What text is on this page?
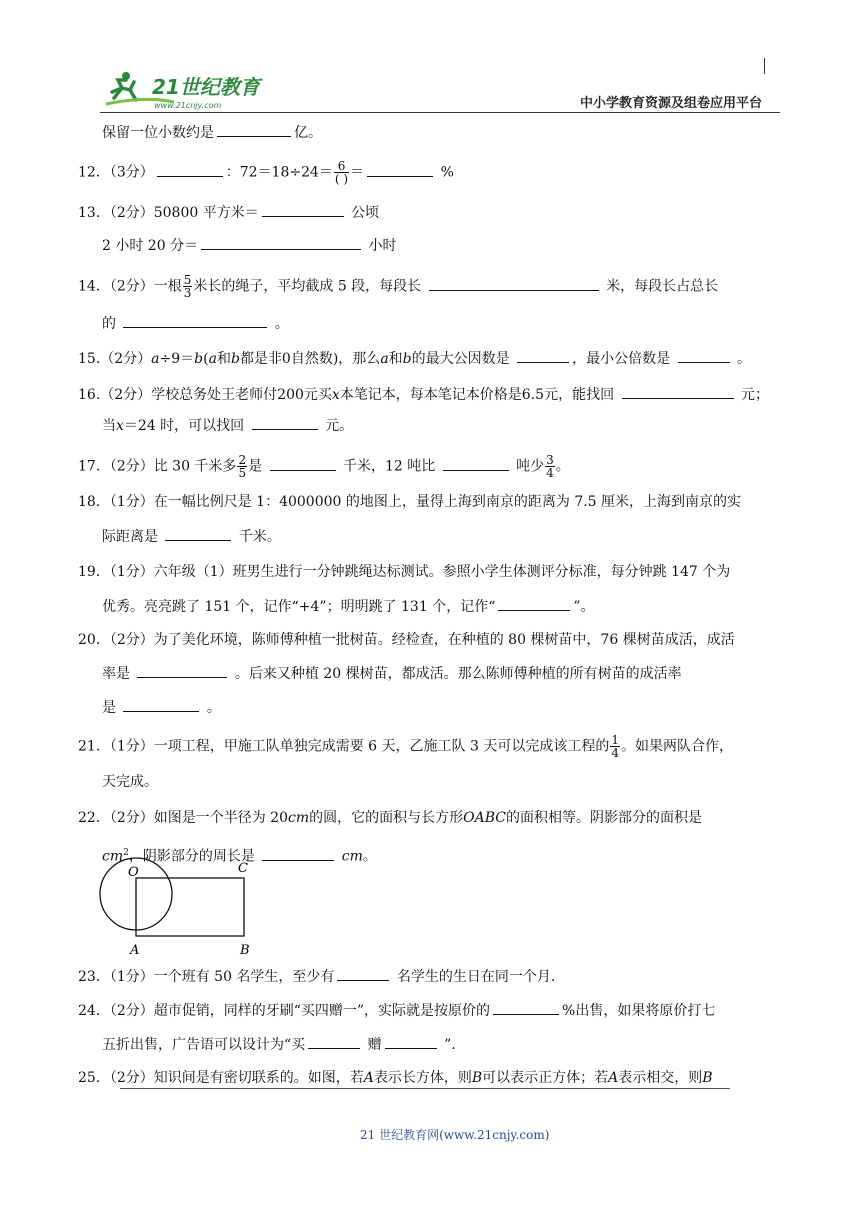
21世纪教育
www.21cnjy.com	中小学教育资源及组卷应用平台
保留一位小数约是	亿。
12．（3分）	：$72=18\div 24= \frac{6}{( )}$ ＝	%
13．（2分）50800 平方米＝	公顷
2 小时 20 分＝	小时
14．（2分）一根 $\frac{5}{3}$ 米长的绳子，平均截成 5 段，每段长	米，每段长占总长
的	。
15.（2分）a÷9＝b(a和b都是非0自然数)，那么a和b的最大公因数是	，最小公倍数是	。
16.（2分）学校总务处王老师付200元买x本笔记本，每本笔记本价格是6.5元，能找回	元；
当x＝24 时，可以找回	元。
17．（2分）比 30 千米多 $\frac{2}{5}$ 是	千米，12 吨比	吨少 $\frac{3}{4}$ 。
18．（1分）在一幅比例尺是 1：4000000 的地图上，量得上海到南京的距离为 7.5 厘米，上海到南京的实
际距离是	千米。
19．（1分）六年级（1）班男生进行一分钟跳绳达标测试。参照小学生体测评分标准，每分钟跳 147 个为
优秀。亮亮跳了 151 个，记作“+4”；明明跳了 131 个，记作“	”。
20．（2分）为了美化环境，陈师傅种植一批树苗。经检查，在种植的 80 棵树苗中，76 棵树苗成活，成活
率是	。后来又种植 20 棵树苗，都成活。那么陈师傅种植的所有树苗的成活率
是	。
21．（1分）一项工程，甲施工队单独完成需要 6 天，乙施工队 3 天可以完成该工程的 $\frac{1}{4}$ 。如果两队合作，
天完成。
22．（2分）如图是一个半径为 20cm的圆，它的面积与长方形OABC的面积相等。阴影部分的面积是
$cm^2$，阴影部分的周长是	cm。
O	C
A	B
23．（1分）一个班有 50 名学生，至少有	名学生的生日在同一个月.
24．（2分）超市促销，同样的牙刷“买四赠一”，实际就是按原价的	%出售，如果将原价打七
五折出售，广告语可以设计为“买	赠	”.
25．（2分）知识间是有密切联系的。如图，若A表示长方体，则B可以表示正方体；若A表示相交，则B
21 世纪教育网(www.21cnjy.com)
